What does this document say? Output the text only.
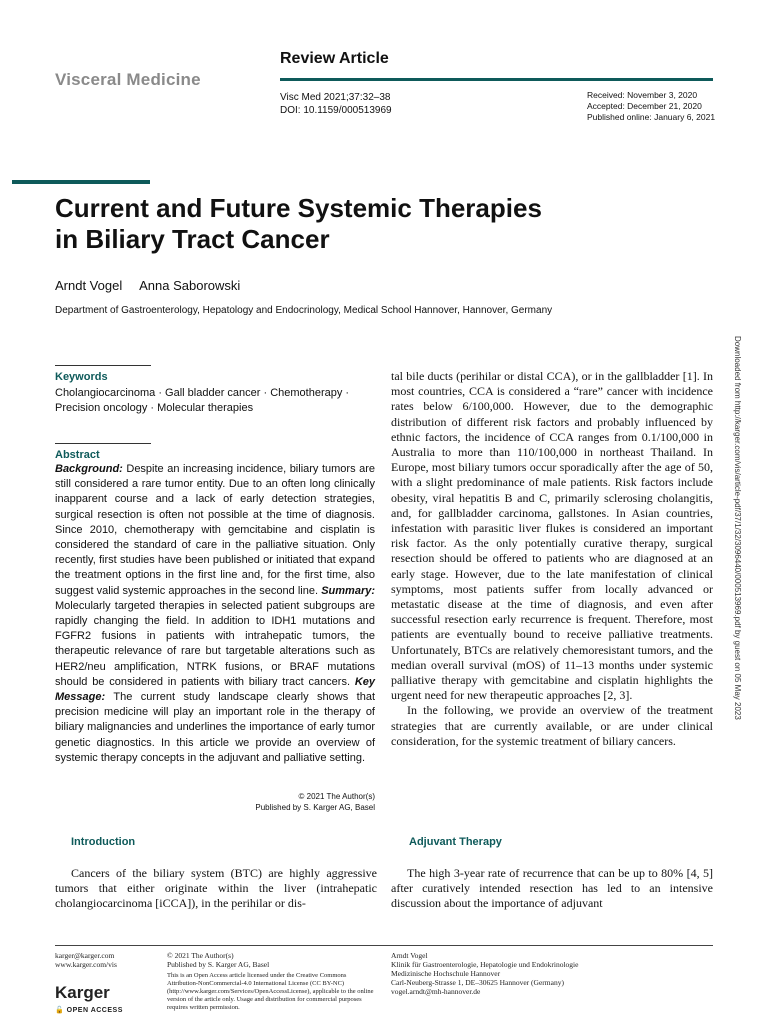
Visceral Medicine
Review Article
Visc Med 2021;37:32–38
DOI: 10.1159/000513969
Received: November 3, 2020
Accepted: December 21, 2020
Published online: January 6, 2021
Current and Future Systemic Therapies
in Biliary Tract Cancer
Arndt Vogel Anna Saborowski
Department of Gastroenterology, Hepatology and Endocrinology, Medical School Hannover, Hannover, Germany
Keywords
Cholangiocarcinoma · Gall bladder cancer · Chemotherapy ·
Precision oncology · Molecular therapies
Abstract
Background: Despite an increasing incidence, biliary tumors are still considered a rare tumor entity. Due to an often long clinically inapparent course and a lack of early detection strategies, surgical resection is often not possible at the time of diagnosis. Since 2010, chemotherapy with gemcitabine and cisplatin is considered the standard of care in the palliative situation. Only recently, first studies have been published or initiated that expand the treatment options in the first line and, for the first time, also suggest valid systemic approaches in the second line. Summary: Molecularly targeted therapies in selected patient subgroups are rapidly changing the field. In addition to IDH1 mutations and FGFR2 fusions in patients with intrahepatic tumors, the therapeutic relevance of rare but targetable alterations such as HER2/neu amplification, NTRK fusions, or BRAF mutations should be considered in patients with biliary tract cancers. Key Message: The current study landscape clearly shows that precision medicine will play an important role in the therapy of biliary malignancies and underlines the importance of early tumor genetic diagnostics. In this article we provide an overview of systemic therapy concepts in the adjuvant and palliative setting.
© 2021 The Author(s)
Published by S. Karger AG, Basel

tal bile ducts (perihilar or distal CCA), or in the gallbladder [1]. In most countries, CCA is considered a “rare” cancer with incidence rates below 6/100,000. However, due to the demographic distribution of different risk factors and probably influenced by ethnic factors, the incidence of CCA ranges from 0.1/100,000 in Australia to more than 110/100,000 in northeast Thailand. In Europe, most biliary tumors occur sporadically after the age of 50, with a slight predominance of male patients. Risk factors include obesity, viral hepatitis B and C, primarily sclerosing cholangitis, and, for gallbladder carcinoma, gallstones. In Asian countries, infestation with parasitic liver flukes is considered an important risk factor. As the only potentially curative therapy, surgical resection should be offered to patients who are diagnosed at an early stage. However, due to the late manifestation of clinical symptoms, most patients suffer from locally advanced or metastatic disease at the time of diagnosis, and even after successful resection early recurrence is frequent. Therefore, most patients are eventually bound to receive palliative treatments. Unfortunately, BTCs are relatively chemoresistant tumors, and the median overall survival (mOS) of 11–13 months under systemic palliative therapy with gemcitabine and cisplatin highlights the urgent need for new therapeutic approaches [2, 3].

In the following, we provide an overview of the treatment strategies that are currently available, or are under clinical consideration, for the systemic treatment of biliary cancers.

Introduction
Cancers of the biliary system (BTC) are highly aggressive tumors that either originate within the liver (intrahepatic cholangiocarcinoma [iCCA]), in the perihilar or dis-
Adjuvant Therapy
The high 3-year rate of recurrence that can be up to 80% [4, 5] after curatively intended resection has led to an intensive discussion about the importance of adjuvant
karger@karger.com
www.karger.com/vis
Karger
🔓 OPEN ACCESS
© 2021 The Author(s)
Published by S. Karger AG, Basel
This is an Open Access article licensed under the Creative Commons Attribution-NonCommercial-4.0 International License (CC BY-NC) (http://www.karger.com/Services/OpenAccessLicense), applicable to the online version of the article only. Usage and distribution for commercial purposes requires written permission.
Arndt Vogel
Klinik für Gastroenterologie, Hepatologie und Endokrinologie
Medizinische Hochschule Hannover
Carl-Neuberg-Strasse 1, DE–30625 Hannover (Germany)
vogel.arndt@mh-hannover.de
Downloaded from http://karger.com/vis/article-pdf/37/1/32/3096440/000513969.pdf by guest on 05 May 2023
